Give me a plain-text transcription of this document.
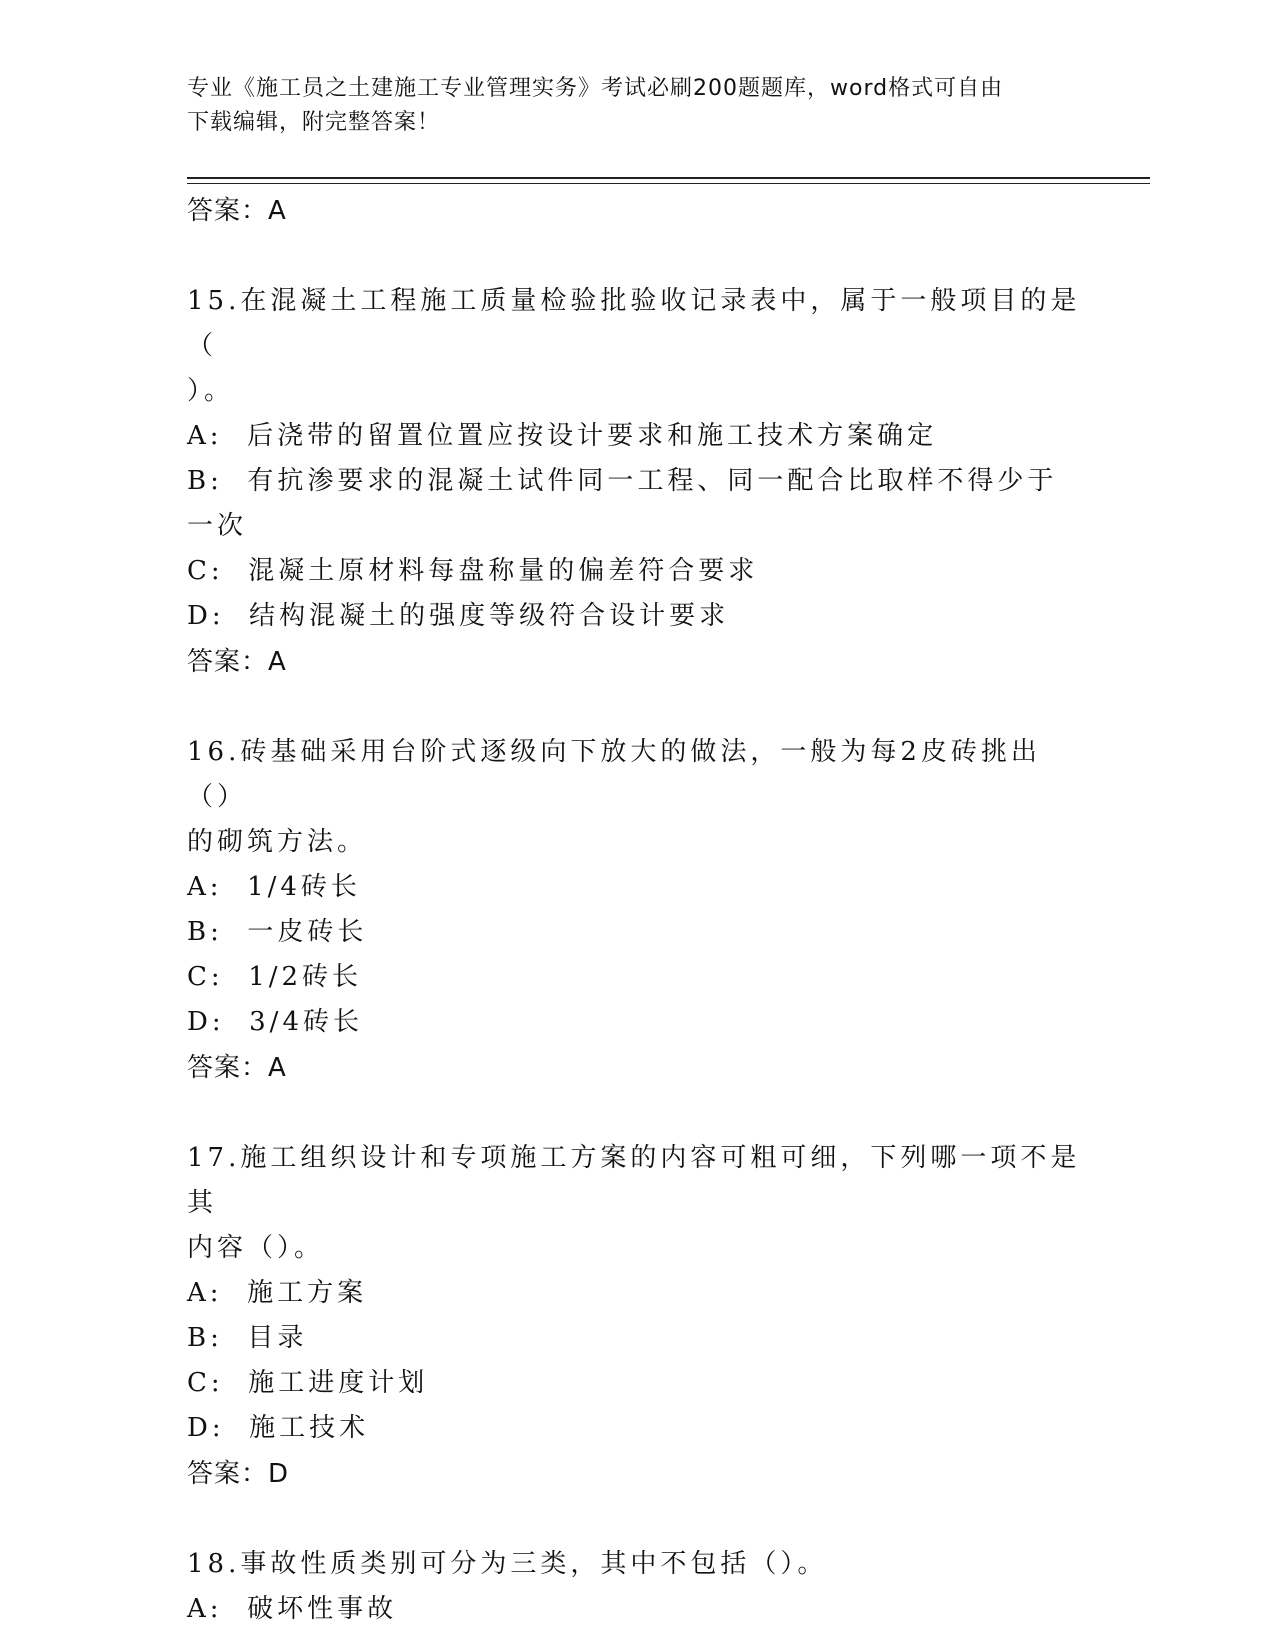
专业《施工员之土建施工专业管理实务》考试必刷200题题库，word格式可自由
下载编辑，附完整答案！
答案：A
15.在混凝土工程施工质量检验批验收记录表中，属于一般项目的是（
）。
A: 后浇带的留置位置应按设计要求和施工技术方案确定
B: 有抗渗要求的混凝土试件同一工程、同一配合比取样不得少于一次
C: 混凝土原材料每盘称量的偏差符合要求
D: 结构混凝土的强度等级符合设计要求
答案：A
16.砖基础采用台阶式逐级向下放大的做法，一般为每2皮砖挑出（）
的砌筑方法。
A: 1/4砖长
B: 一皮砖长
C: 1/2砖长
D: 3/4砖长
答案：A
17.施工组织设计和专项施工方案的内容可粗可细，下列哪一项不是其
内容（）。
A: 施工方案
B: 目录
C: 施工进度计划
D: 施工技术
答案：D
18.事故性质类别可分为三类，其中不包括（）。
A: 破坏性事故
